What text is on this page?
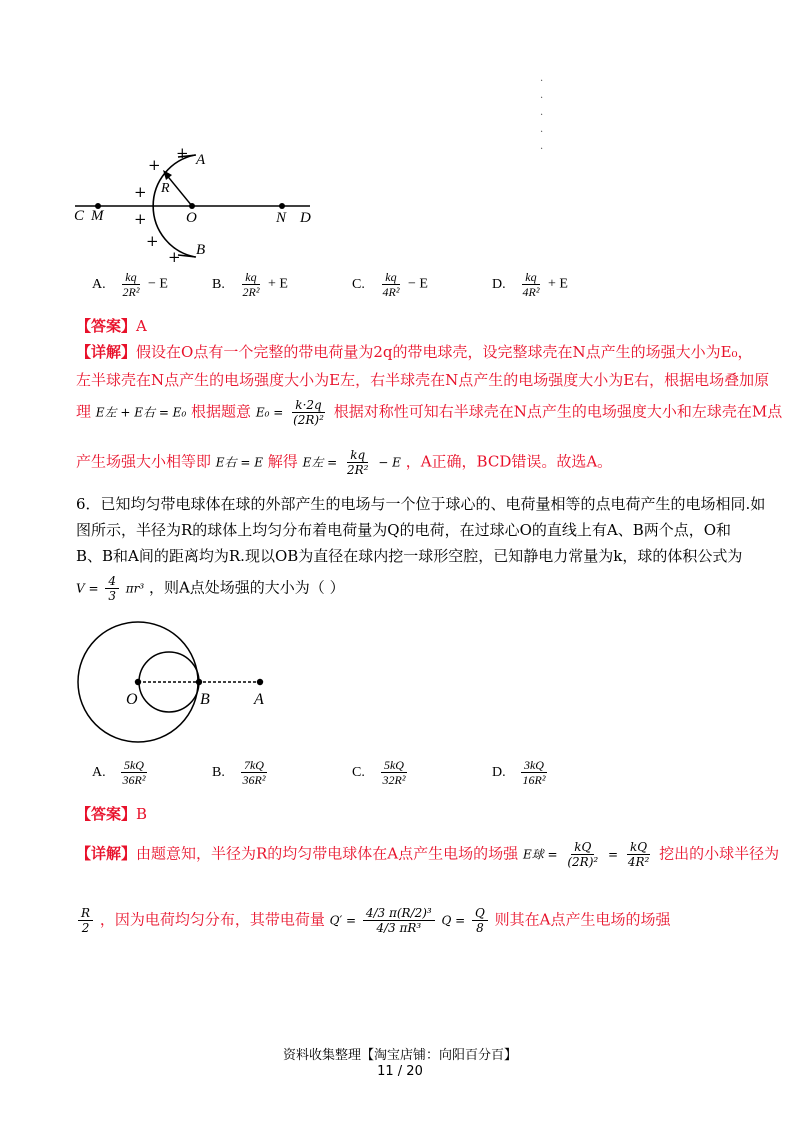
.
.
.
.
.
A
B
C M	O	N D
R
+
+
+
+
+
+
A. $\frac{kq}{\text{2R²}} - E$	B. $\frac{kq}{\text{2R²}} + E$	C. $\frac{kq}{\text{4R²}} - E$	D. $\frac{kq}{\text{4R²}} + E$
【答案】A
【详解】假设在O点有一个完整的带电荷量为2q的带电球壳，设完整球壳在N点产生的场强大小为E₀，
左半球壳在N点产生的电场强度大小为E左，右半球壳在N点产生的电场强度大小为E右，根据电场叠加原
理 E左 + E右 = E₀ 根据题意 $E_0 = \frac{k\cdot 2q}{\text{(2R)²}}$ 根据对称性可知右半球壳在N点产生的电场强度大小和左球壳在M点
产生场强大小相等即 E右 = E 解得 E左 = $\frac{kq}{\text{2R²}} - E$ ，A正确，BCD错误。故选A。
6．已知均匀带电球体在球的外部产生的电场与一个位于球心的、电荷量相等的点电荷产生的电场相同.如
图所示，半径为R的球体上均匀分布着电荷量为Q的电荷，在过球心O的直线上有A、B两个点，O和
B、B和A间的距离均为R.现以OB为直径在球内挖一球形空腔，已知静电力常量为k，球的体积公式为
$V = \frac{4}{3} \pi r^3$ ，则A点处场强的大小为（ ）
O	B	A
A. $\frac{5kQ}{\text{36R²}}$	B. $\frac{7kQ}{\text{36R²}}$	C. $\frac{5kQ}{\text{32R²}}$	D. $\frac{3kQ}{\text{16R²}}$
【答案】B
【详解】由题意知，半径为R的均匀带电球体在A点产生电场的场强 E球 = $\frac{kQ}{\text{(2R)²}} = \frac{kQ}{\text{4R²}}$ 挖出的小球半径为
$\frac{R}{2}$ ，因为电荷均匀分布，其带电荷量 $Q' = \frac{\text{4/3 π(R/2)³}}{\text{4/3 πR³}}$ $Q = \frac{Q}{8}$ 则其在A点产生电场的场强
资料收集整理【淘宝店铺：向阳百分百】
11 / 20
